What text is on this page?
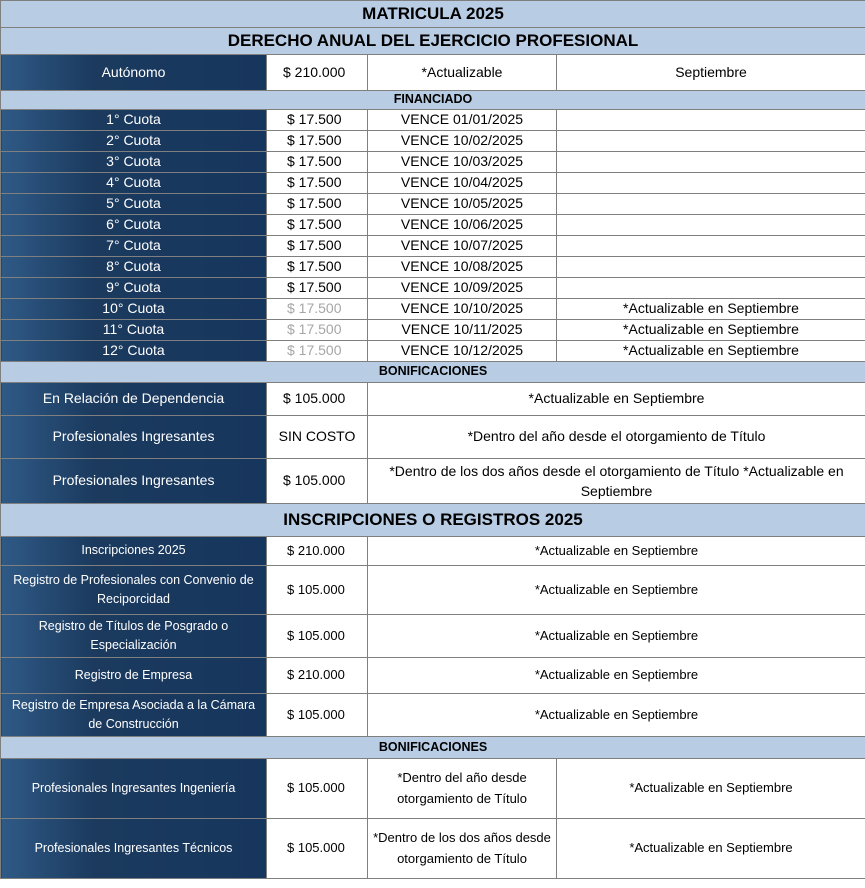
MATRICULA 2025			
DERECHO ANUAL DEL EJERCICIO PROFESIONAL			
Autónomo	$ 210.000	*Actualizable	Septiembre
FINANCIADO			
1° Cuota	$ 17.500	VENCE 01/01/2025	
2° Cuota	$ 17.500	VENCE 10/02/2025	
3° Cuota	$ 17.500	VENCE 10/03/2025	
4° Cuota	$ 17.500	VENCE 10/04/2025	
5° Cuota	$ 17.500	VENCE 10/05/2025	
6° Cuota	$ 17.500	VENCE 10/06/2025	
7° Cuota	$ 17.500	VENCE 10/07/2025	
8° Cuota	$ 17.500	VENCE 10/08/2025	
9° Cuota	$ 17.500	VENCE 10/09/2025	
10° Cuota	$ 17.500	VENCE 10/10/2025	*Actualizable en Septiembre
11° Cuota	$ 17.500	VENCE 10/11/2025	*Actualizable en Septiembre
12° Cuota	$ 17.500	VENCE 10/12/2025	*Actualizable en Septiembre
BONIFICACIONES			
En Relación de Dependencia	$ 105.000	*Actualizable en Septiembre	
Profesionales Ingresantes	SIN COSTO	*Dentro del año desde el otorgamiento de Título	
Profesionales Ingresantes	$ 105.000	*Dentro de los dos años desde el otorgamiento de Título *Actualizable en Septiembre	
INSCRIPCIONES O REGISTROS 2025			
Inscripciones 2025	$ 210.000	*Actualizable en Septiembre	
Registro de Profesionales con Convenio de Reciporcidad	$ 105.000	*Actualizable en Septiembre	
Registro de Títulos de Posgrado o Especialización	$ 105.000	*Actualizable en Septiembre	
Registro de Empresa	$ 210.000	*Actualizable en Septiembre	
Registro de Empresa Asociada a la Cámara de Construcción	$ 105.000	*Actualizable en Septiembre	
BONIFICACIONES			
Profesionales Ingresantes Ingeniería	$ 105.000	*Dentro del año desde otorgamiento de Título	*Actualizable en Septiembre
Profesionales Ingresantes Técnicos	$ 105.000	*Dentro de los dos años desde otorgamiento de Título	*Actualizable en Septiembre
